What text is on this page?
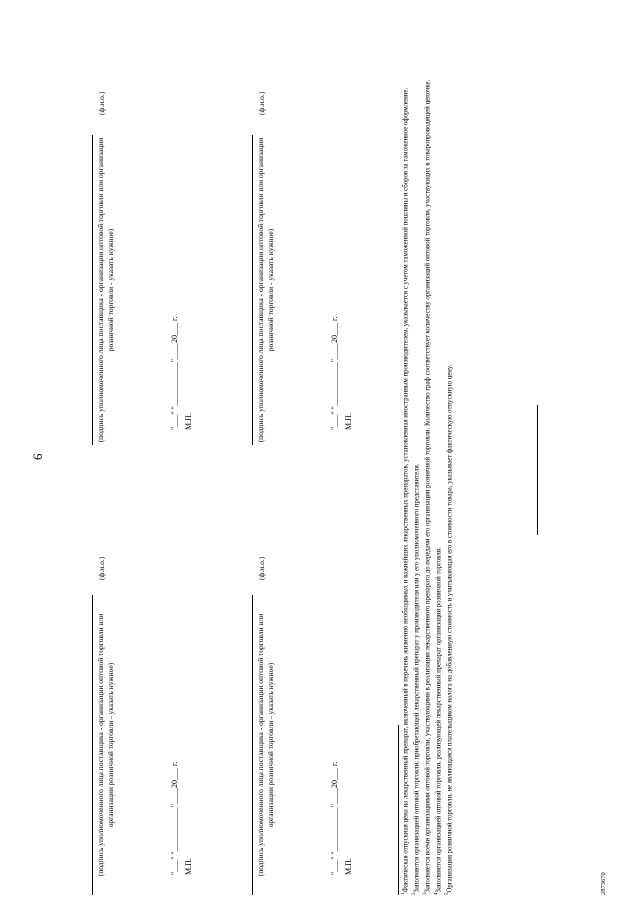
6
(подпись уполномоченного лица поставщика - организации оптовой торговли или организации розничной торговли - указать нужное)
(ф.и.о.)
(подпись уполномоченного лица поставщика - организации оптовой торговли или организации розничной торговли - указать нужное)
(ф.и.о.)
"___" "___________"____20___ г. М.П.
"___" "___________"____20___ г. М.П.
(подпись уполномоченного лица поставщика - организации оптовой торговли или организации розничной торговли - указать нужное)
(ф.и.о.)
(подпись уполномоченного лица поставщика - организации оптовой торговли или организации розничной торговли - указать нужное)
(ф.и.о.)
"___" "___________"____20___ г. М.П.
"___" "___________"____20___ г. М.П.

$^1$Фактическая отпускная цена на лекарственный препарат, включенный в перечень жизненно необходимых и важнейших лекарственных препаратов, установленная иностранным производителем, указывается с учетом таможенной пошлины и сборов за таможенное оформление.

$^2$Заполняется организацией оптовой торговли, приобретающей лекарственный препарат у производителя или у его уполномоченного представителя.

$^3$Заполняется всеми организациями оптовой торговли, участвующими в реализации лекарственного препарата до передачи его организации розничной торговли. Количество граф соответствует количеству организаций оптовой торговли, участвующих в товаропроводящей цепочке.

$^4$Заполняется организацией оптовой торговли, реализующей лекарственный препарат организации розничной торговли.

$^5$Организация розничной торговли, не являющаяся плательщиком налога на добавленную стоимость и учитывающая его в стоимости товара, указывает фактическую отпускную цену.	2873670
